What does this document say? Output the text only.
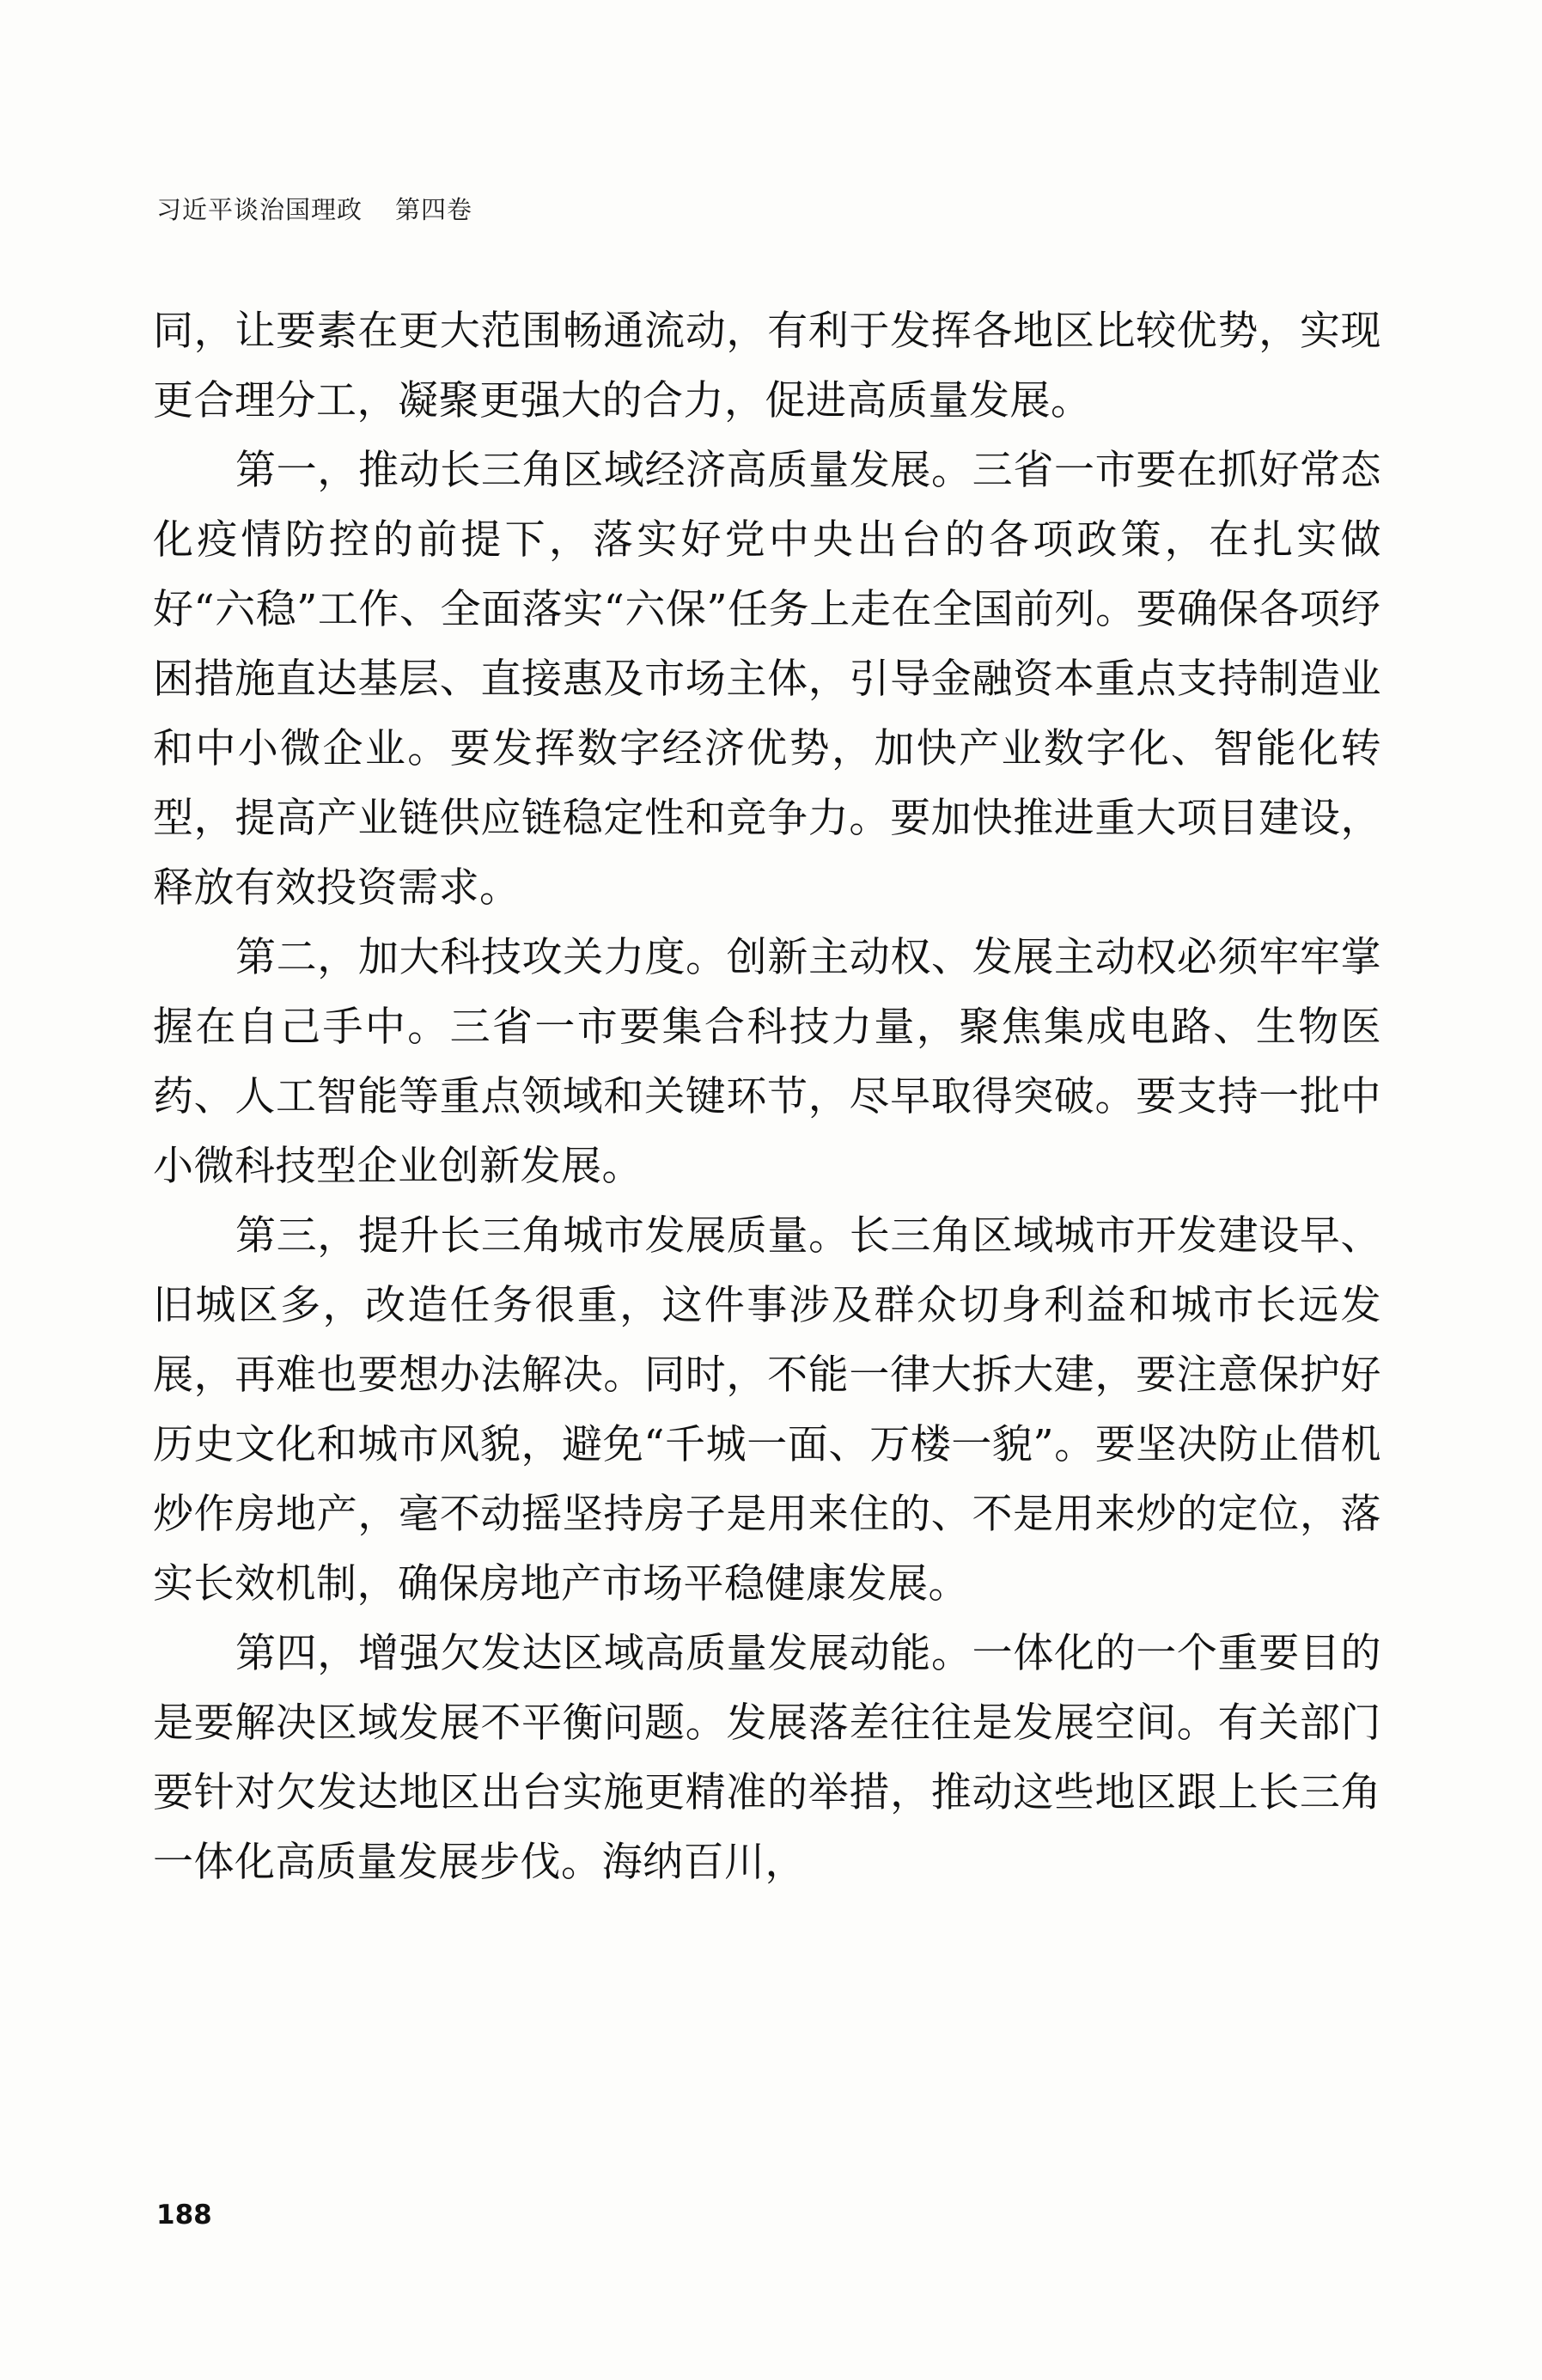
习近平谈治国理政 第四卷

同，让要素在更大范围畅通流动，有利于发挥各地区比较优势，实现更合理分工，凝聚更强大的合力，促进高质量发展。

第一，推动长三角区域经济高质量发展。三省一市要在抓好常态化疫情防控的前提下，落实好党中央出台的各项政策，在扎实做好“六稳”工作、全面落实“六保”任务上走在全国前列。要确保各项纾困措施直达基层、直接惠及市场主体，引导金融资本重点支持制造业和中小微企业。要发挥数字经济优势，加快产业数字化、智能化转型，提高产业链供应链稳定性和竞争力。要加快推进重大项目建设，释放有效投资需求。

第二，加大科技攻关力度。创新主动权、发展主动权必须牢牢掌握在自己手中。三省一市要集合科技力量，聚焦集成电路、生物医药、人工智能等重点领域和关键环节，尽早取得突破。要支持一批中小微科技型企业创新发展。

第三，提升长三角城市发展质量。长三角区域城市开发建设早、旧城区多，改造任务很重，这件事涉及群众切身利益和城市长远发展，再难也要想办法解决。同时，不能一律大拆大建，要注意保护好历史文化和城市风貌，避免“千城一面、万楼一貌”。要坚决防止借机炒作房地产，毫不动摇坚持房子是用来住的、不是用来炒的定位，落实长效机制，确保房地产市场平稳健康发展。

第四，增强欠发达区域高质量发展动能。一体化的一个重要目的是要解决区域发展不平衡问题。发展落差往往是发展空间。有关部门要针对欠发达地区出台实施更精准的举措，推动这些地区跟上长三角一体化高质量发展步伐。海纳百川，

188
